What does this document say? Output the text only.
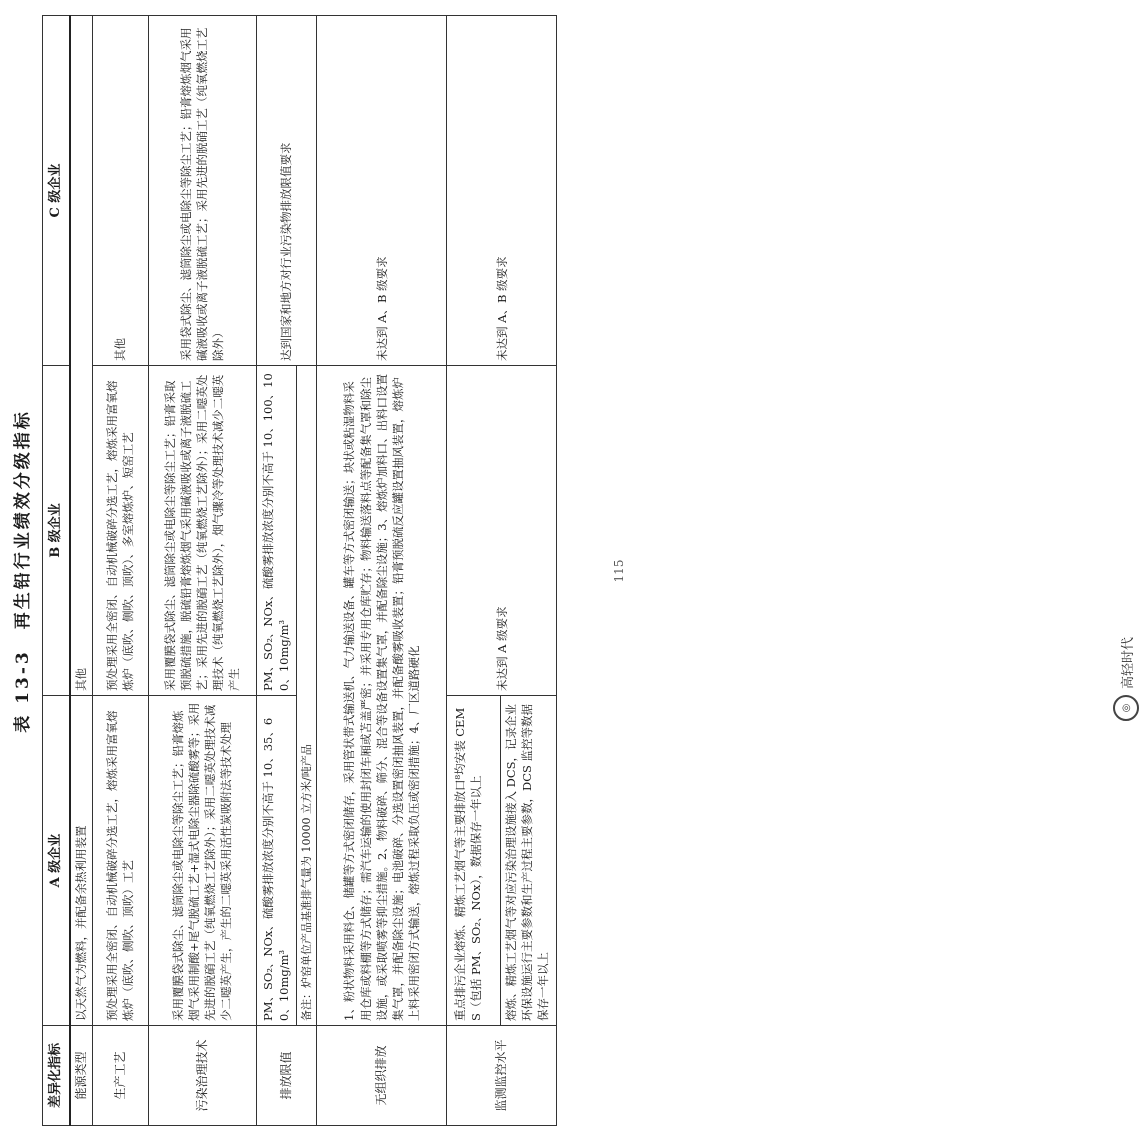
表 13-3　再生铅行业绩效分级指标
差异化指标	A 级企业	B 级企业	C 级企业
能源类型	以天然气为燃料，并配备余热利用装置	其他	
生产工艺	预处理采用全密闭、自动机械破碎分选工艺，熔炼采用富氧熔炼炉（底吹、侧吹、顶吹）工艺	预处理采用全密闭、自动机械破碎分选工艺，熔炼采用富氧熔炼炉（底吹、侧吹、顶吹）、多室熔炼炉、短窑工艺	其他
污染治理技术	采用覆膜袋式除尘、滤筒除尘或电除尘等除尘工艺；铅膏熔炼烟气采用制酸+尾气脱硫工艺+湿式电除尘器除硫酸雾等；采用先进的脱硝工艺（纯氧燃烧工艺除外）；采用二噁英处理技术减少二噁英产生，产生的二噁英采用活性炭吸附法等技术处理	采用覆膜袋式除尘、滤筒除尘或电除尘等除尘工艺；铅膏采取预脱硫措施，脱硫铅膏熔炼烟气采用碱液吸收或离子液脱硫工艺；采用先进的脱硝工艺（纯氧燃烧工艺除外）；采用二噁英处理技术（纯氧燃烧工艺除外），烟气骤冷等处理技术减少二噁英产生	采用袋式除尘、滤筒除尘或电除尘等除尘工艺；铅膏熔炼烟气采用碱液吸收或离子液脱硫工艺；采用先进的脱硝工艺（纯氧燃烧工艺除外）
排放限值	PM、SO₂、NOx、硫酸雾排放浓度分别不高于 10、35、60、10mg/m³	PM、SO₂、NOx、硫酸雾排放浓度分别不高于 10、100、100、10mg/m³	达到国家和地方对行业污染物排放限值要求
	备注：炉窑单位产品基准排气量为 10000 立方米/吨产品		
无组织排放	1、粉状物料采用料仓、储罐等方式密闭储存，采用管状带式输送机、气力输送设备、罐车等方式密闭输送；块状或粘湿物料采用仓库或料棚等方式储存；需汽车运输的使用封闭车厢或苫盖严密；并采用专用仓库贮存；物料输送落料点等配备集气罩和除尘设施，或采取喷雾等抑尘措施。2、物料破碎、筛分、混合等设备设置集气罩，并配备除尘设施；3、熔炼炉加料口、出料口设置集气罩，并配备除尘设施；电池破碎、分选设置密闭抽风装置，并配备酸雾吸收装置；铅膏预脱硫反应罐设置抽风装置，熔炼炉上料采用密闭方式输送，熔炼过程采取负压或密闭措施；4、厂区道路硬化		未达到 A、B 级要求
监测监控水平	重点排污企业熔炼、精炼工艺烟气等主要排放口⁸均安装 CEMS（包括 PM、SO₂、NOx），数据保存一年以上 熔炼、精炼工艺烟气等对应污染治理设施接入 DCS，记录企业环保设施运行主要参数和生产过程主要参数，DCS 监控等数据保存一年以上	未达到 A 级要求	未达到 A、B 级要求
115
◎
高轻时代
